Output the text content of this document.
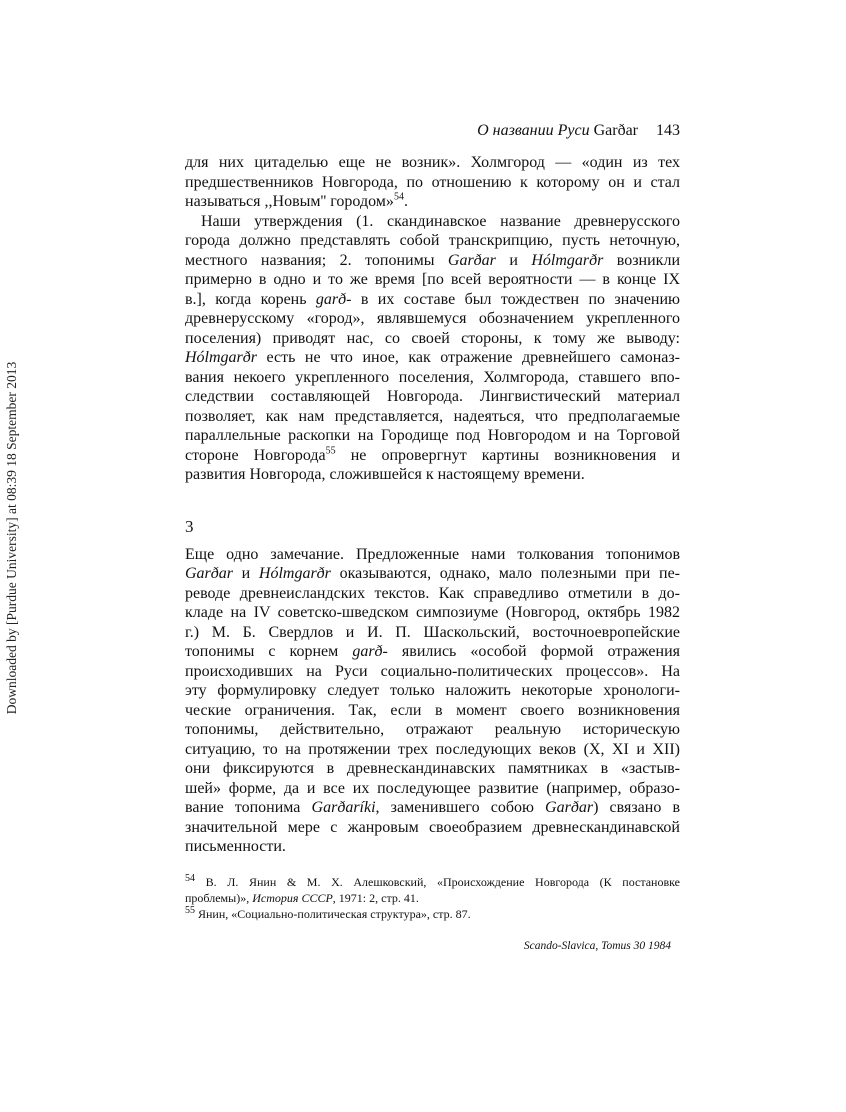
Downloaded by [Purdue University] at 08:39 18 September 2013
О названии Руси Garðar 143
для них цитаделью еще не возник». Холмгород — «один из тех
предшественников Новгорода, по отношению к которому он и стал
называться ,,Новым'' городом»$^{54}$.
Наши утверждения (1. скандинавское название древнерусского
города должно представлять собой транскрипцию, пусть неточную,
местного названия; 2. топонимы Garðar и Hólmgarðr возникли
примерно в одно и то же время [по всей вероятности — в конце IX
в.], когда корень garð- в их составе был тождествен по значению
древнерусскому «город», являвшемуся обозначением укрепленного
поселения) приводят нас, со своей стороны, к тому же выводу:
Hólmgarðr есть не что иное, как отражение древнейшего самоназ-
вания некоего укрепленного поселения, Холмгорода, ставшего впо-
следствии составляющей Новгорода. Лингвистический материал
позволяет, как нам представляется, надеяться, что предполагаемые
параллельные раскопки на Городище под Новгородом и на Торговой
стороне Новгорода$^{55}$ не опровергнут картины возникновения и
развития Новгорода, сложившейся к настоящему времени.
3
Еще одно замечание. Предложенные нами толкования топонимов
Garðar и Hólmgarðr оказываются, однако, мало полезными при пе-
реводе древнеисландских текстов. Как справедливо отметили в до-
кладе на IV советско-шведском симпозиуме (Новгород, октябрь 1982
г.) М. Б. Свердлов и И. П. Шаскольский, восточноевропейские
топонимы с корнем garð- явились «особой формой отражения
происходивших на Руси социально-политических процессов». На
эту формулировку следует только наложить некоторые хронологи-
ческие ограничения. Так, если в момент своего возникновения
топонимы, действительно, отражают реальную историческую
ситуацию, то на протяжении трех последующих веков (X, XI и XII)
они фиксируются в древнескандинавских памятниках в «застыв-
шей» форме, да и все их последующее развитие (например, образо-
вание топонима Garðaríki, заменившего собою Garðar) связано в
значительной мере с жанровым своеобразием древнескандинавской
письменности.
$^{54}$ В. Л. Янин & М. Х. Алешковский, «Происхождение Новгорода (К постановке
проблемы)», История СССР, 1971: 2, стр. 41.
$^{55}$ Янин, «Социально-политическая структура», стр. 87.
Scando-Slavica, Tomus 30 1984
